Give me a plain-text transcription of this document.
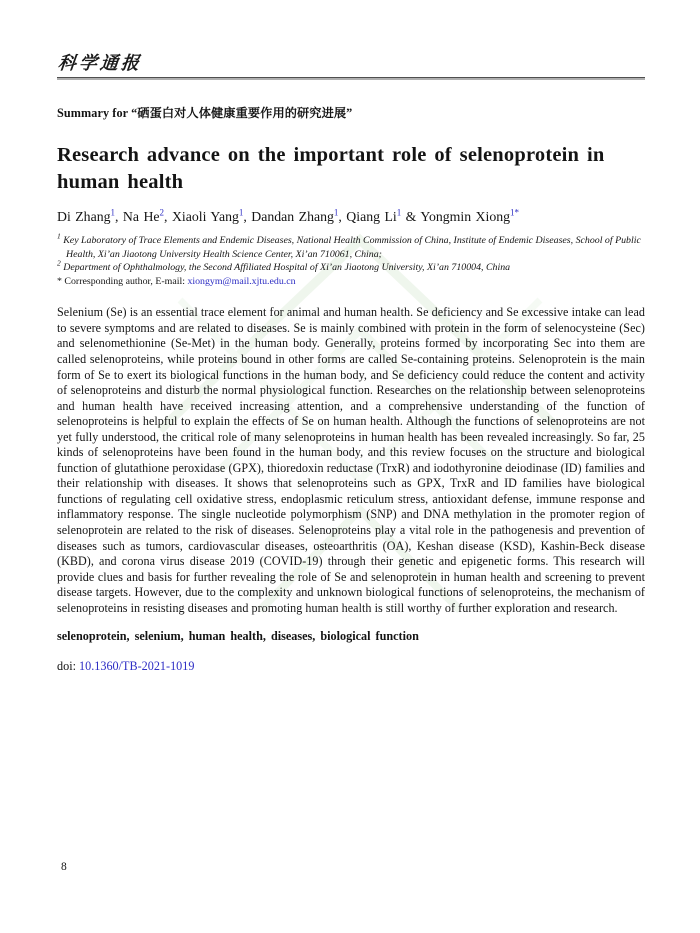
科学通报
Summary for “硒蛋白对人体健康重要作用的研究进展”
Research advance on the important role of selenoprotein in human health
Di Zhang$^1$, Na He$^2$, Xiaoli Yang$^1$, Dandan Zhang$^1$, Qiang Li$^1$ & Yongmin Xiong$^{1*}$
$^1$ Key Laboratory of Trace Elements and Endemic Diseases, National Health Commission of China, Institute of Endemic Diseases, School of Public Health, Xi’an Jiaotong University Health Science Center, Xi’an 710061, China;
$^2$ Department of Ophthalmology, the Second Affiliated Hospital of Xi’an Jiaotong University, Xi’an 710004, China
* Corresponding author, E-mail: xiongym@mail.xjtu.edu.cn

Selenium (Se) is an essential trace element for animal and human health. Se deficiency and Se excessive intake can lead to severe symptoms and are related to diseases. Se is mainly combined with protein in the form of selenocysteine (Sec) and selenomethionine (Se-Met) in the human body. Generally, proteins formed by incorporating Sec into them are called selenoproteins, while proteins bound in other forms are called Se-containing proteins. Selenoprotein is the main form of Se to exert its biological functions in the human body, and Se deficiency could reduce the content and activity of selenoproteins and disturb the normal physiological function. Researches on the relationship between selenoproteins and human health have received increasing attention, and a comprehensive understanding of the function of selenoproteins is helpful to explain the effects of Se on human health. Although the functions of selenoproteins are not yet fully understood, the critical role of many selenoproteins in human health has been revealed increasingly. So far, 25 kinds of selenoproteins have been found in the human body, and this review focuses on the structure and biological function of glutathione peroxidase (GPX), thioredoxin reductase (TrxR) and iodothyronine deiodinase (ID) families and their relationship with diseases. It shows that selenoproteins such as GPX, TrxR and ID families have biological functions of regulating cell oxidative stress, endoplasmic reticulum stress, antioxidant defense, immune response and inflammatory response. The single nucleotide polymorphism (SNP) and DNA methylation in the promoter region of selenoprotein are related to the risk of diseases. Selenoproteins play a vital role in the pathogenesis and prevention of diseases such as tumors, cardiovascular diseases, osteoarthritis (OA), Keshan disease (KSD), Kashin-Beck disease (KBD), and corona virus disease 2019 (COVID-19) through their genetic and epigenetic forms. This research will provide clues and basis for further revealing the role of Se and selenoprotein in human health and screening to prevent disease targets. However, due to the complexity and unknown biological functions of selenoproteins, the mechanism of selenoproteins in resisting diseases and promoting human health is still worthy of further exploration and research.

selenoprotein, selenium, human health, diseases, biological function
doi: 10.1360/TB-2021-1019
8
